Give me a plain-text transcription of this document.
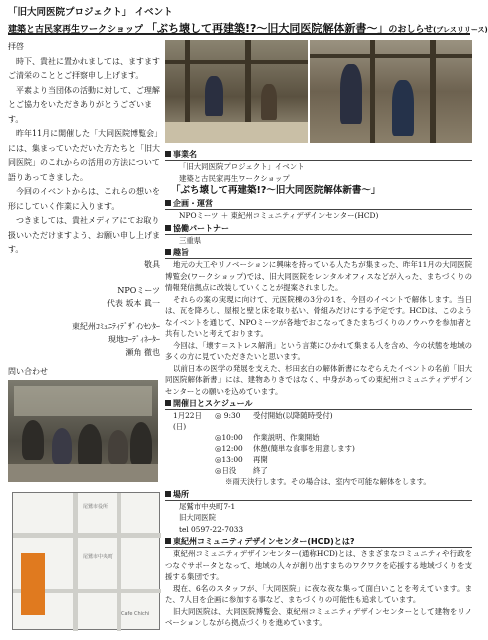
「旧大同医院プロジェクト」 イベント
建築と古民家再生ワークショップ 「ぶち壊して再建築!?〜旧大同医院解体新書〜」のおしらせ(プレスリリース)

拝啓

時下、貴社に置かれましては、ますますご清栄のこととご拝察申し上げます。

平素より当団体の活動に対して、ご理解とご協力をいただきありがとうございます。

昨年11月に開催した「大同医院博覧会」には、集まっていただいた方たちと「旧大同医院」のこれからの活用の方法について語りあってきました。

今回のイベントからは、これらの想いを形にしていく作業に入ります。

つきましては、貴社メディアにてお取り扱いいただけますよう、お願い申し上げます。

敬具

NPOミーツ

代表 坂本 眞一

東紀州ｺﾐｭﾆﾃｨﾃﾞｻﾞｲﾝｾﾝﾀｰ

現地ｺｰﾃﾞｨﾈｰﾀｰ

瀬角 徹也

問い合わせ

尾鷲市役所
尾鷲市中央町
Cafe Chichi
事業名
「旧大同医院プロジェクト」イベント
建築と古民家再生ワークショップ
「ぶち壊して再建築!?〜旧大同医院解体新書〜」
企画・運営
NPOミーツ ＋ 東紀州コミュニティデザインセンター(HCD)
協働パートナー
三重県
趣旨

地元の大工やリノベーションに興味を持っている人たちが集まった、昨年11月の大同医院博覧会(ワークショップ)では、旧大同医院をレンタルオフィスなどが入った、まちづくりの情報発信拠点に改装していくことが提案されました。

それらの案の実現に向けて、元医院棟の3分の1を、今回のイベントで解体します。当日は、瓦を降ろし、屋根と壁と床を取り払い、骨組みだけにする予定です。HCDは、このようなイベントを通じて、NPOミーツが各地でおこなってきたまちづくりのノウハウを参加者と共有したいと考えております。

今回は、「壊す＝ストレス解消」という言葉にひかれて集まる人を含め、今の状態を地域の多くの方に見ていただきたいと思います。

以前日本の医学の発展を支えた、杉田玄白の解体新書になぞらえたイベントの名前「旧大同医院解体新書」には、建物ありきではなく、中身があっての東紀州コミュニティデザインセンターとの願いを込めています。

開催日とスケジュール
1月22日(日)	◎ 9:30	受付開始(以降随時受付)
	◎10:00	作業説明、作業開始
	◎12:00	休憩(簡単な食事を用意します)
	◎13:00	再開
	◎日没	終了
※雨天決行します。その場合は、室内で可能な解体をします。
場所
尾鷲市中央町7-1
旧大同医院
tel 0597-22-7033
東紀州コミュニティデザインセンター(HCD)とは?

東紀州コミュニティデザインセンター(通称HCD)とは、さまざまなコミュニティや行政をつなぐサポータとなって、地域の人々が創り出すまちのワクワクを応援する地域づくりを支援する集団です。

現在、6名のスタッフが、「大同医院」に夜な夜な集って面白いことを考えています。また、7人目を企画に参加する事など、まちづくりの可能性も追求しています。

旧大同医院は、大同医院博覧会、東紀州コミュニティデザインセンターとして建物をリノベーションしながら拠点づくりを進めています。
